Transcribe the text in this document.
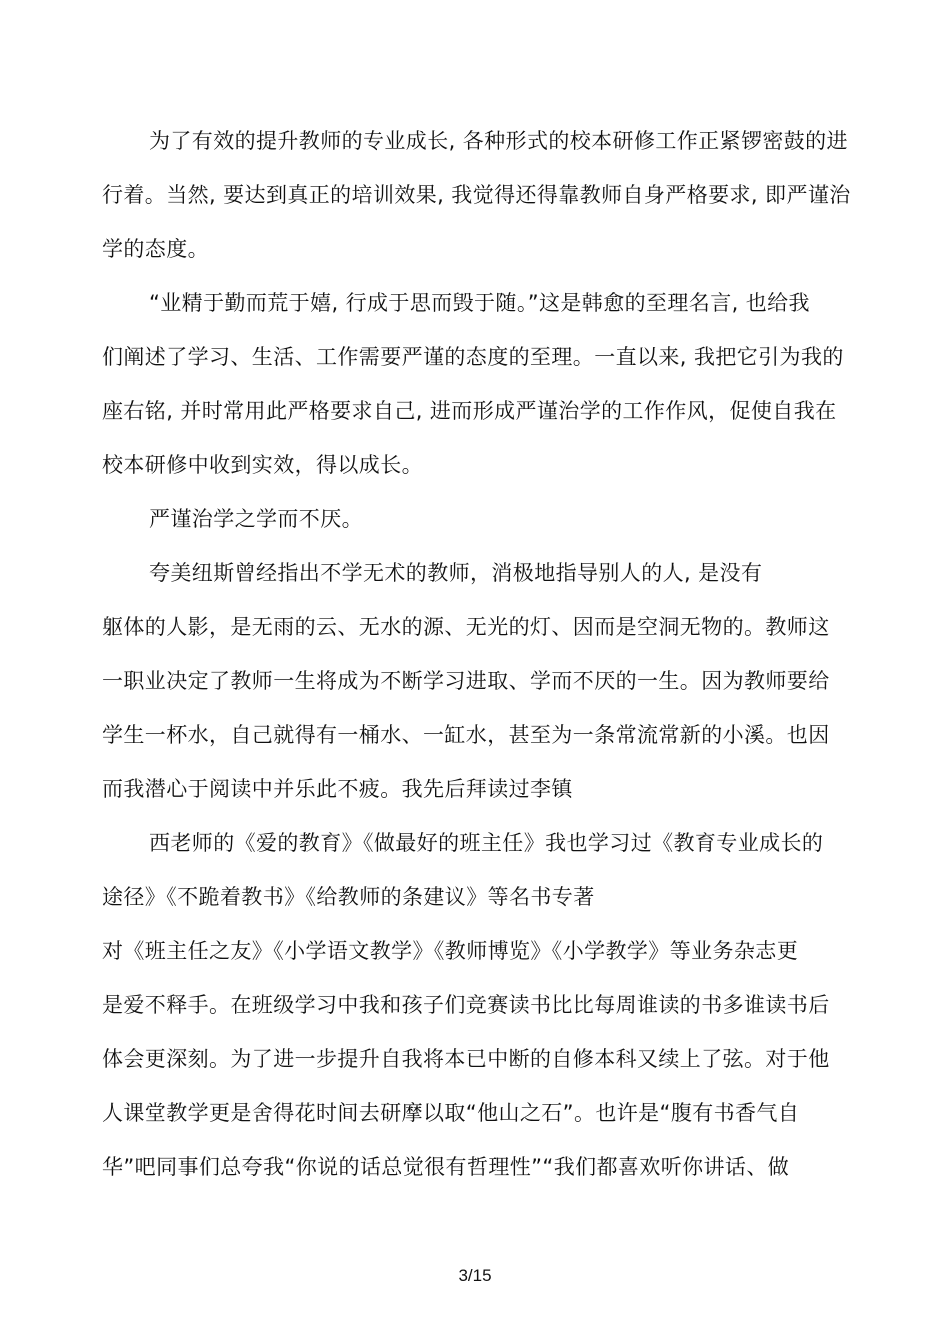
为了有效的提升教师的专业成长, 各种形式的校本研修工作正紧锣密鼓的进
行着。当然, 要达到真正的培训效果, 我觉得还得靠教师自身严格要求, 即严谨治
学的态度。
“业精于勤而荒于嬉, 行成于思而毁于随。”这是韩愈的至理名言, 也给我
们阐述了学习、生活、工作需要严谨的态度的至理。一直以来, 我把它引为我的
座右铭, 并时常用此严格要求自己, 进而形成严谨治学的工作作风，促使自我在
校本研修中收到实效，得以成长。
严谨治学之学而不厌。
夸美纽斯曾经指出不学无术的教师，消极地指导别人的人, 是没有
躯体的人影，是无雨的云、无水的源、无光的灯、因而是空洞无物的。教师这
一职业决定了教师一生将成为不断学习进取、学而不厌的一生。因为教师要给
学生一杯水，自己就得有一桶水、一缸水，甚至为一条常流常新的小溪。也因
而我潜心于阅读中并乐此不疲。我先后拜读过李镇
西老师的《爱的教育》《做最好的班主任》我也学习过《教育专业成长的
途径》《不跪着教书》《给教师的条建议》等名书专著
对《班主任之友》《小学语文教学》《教师博览》《小学教学》等业务杂志更
是爱不释手。在班级学习中我和孩子们竞赛读书比比每周谁读的书多谁读书后
体会更深刻。为了进一步提升自我将本已中断的自修本科又续上了弦。对于他
人课堂教学更是舍得花时间去研摩以取“他山之石”。也许是“腹有书香气自
华”吧同事们总夸我“你说的话总觉很有哲理性”“我们都喜欢听你讲话、做
3/15
